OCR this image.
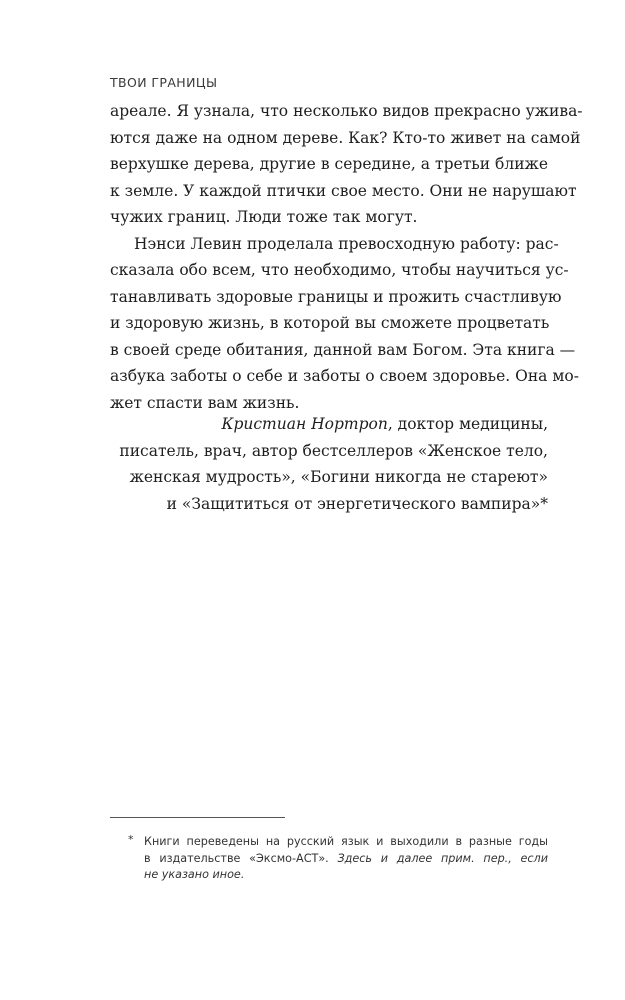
ТВОИ ГРАНИЦЫ
ареале. Я узнала, что несколько видов прекрасно ужива-
ются даже на одном дереве. Как? Кто-то живет на самой
верхушке дерева, другие в середине, а третьи ближе
к земле. У каждой птички свое место. Они не нарушают
чужих границ. Люди тоже так могут.
Нэнси Левин проделала превосходную работу: рас-
сказала обо всем, что необходимо, чтобы научиться ус-
танавливать здоровые границы и прожить счастливую
и здоровую жизнь, в которой вы сможете процветать
в своей среде обитания, данной вам Богом. Эта книга —
азбука заботы о себе и заботы о своем здоровье. Она мо-
жет спасти вам жизнь.
Кристиан Нортроп, доктор медицины,
писатель, врач, автор бестселлеров «Женское тело,
женская мудрость», «Богини никогда не стареют»
и «Защититься от энергетического вампира»*
* Книги переведены на русский язык и выходили в разные годы
в издательстве «Эксмо-АСТ». Здесь и далее прим. пер., если
не указано иное.
